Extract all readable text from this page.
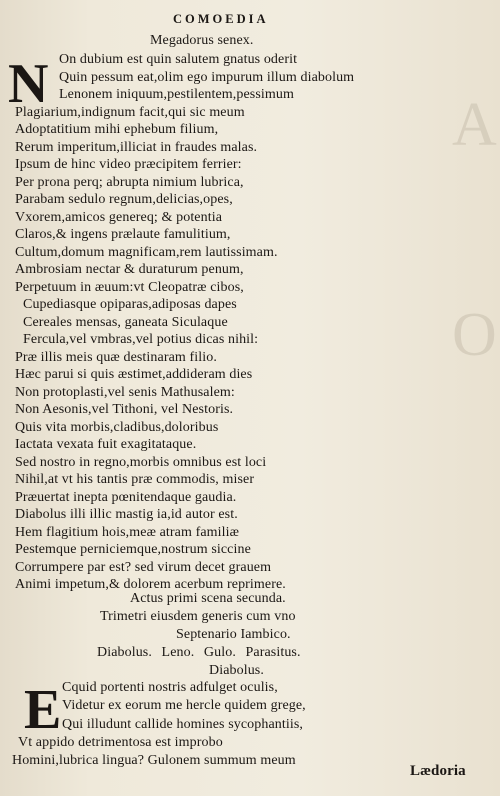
A
O
COMOEDIA
Megadorus senex.
N On dubium est quin salutem gnatus oderit
Quin pessum eat,olim ego impurum illum diabolum
Lenonem iniquum,pestilentem,pessimum
Plagiarium,indignum facit,qui sic meum
Adoptatitium mihi ephebum filium,
Rerum imperitum,illiciat in fraudes malas.
Ipsum de hinc video præcipitem ferrier:
Per prona perq; abrupta nimium lubrica,
Parabam sedulo regnum,delicias,opes,
Vxorem,amicos genereq; & potentia
Claros,& ingens prælaute famulitium,
Cultum,domum magnificam,rem lautissimam.
Ambrosiam nectar & duraturum penum,
Perpetuum in æuum:vt Cleopatræ cibos,
Cupediasque opiparas,adiposas dapes
Cereales mensas, ganeata Siculaque
Fercula,vel vmbras,vel potius dicas nihil:
Præ illis meis quæ destinaram filio.
Hæc parui si quis æstimet,addideram dies
Non protoplasti,vel senis Mathusalem:
Non Aesonis,vel Tithoni, vel Nestoris.
Quis vita morbis,cladibus,doloribus
Iactata vexata fuit exagitataque.
Sed nostro in regno,morbis omnibus est loci
Nihil,at vt his tantis præ commodis, miser
Præuertat inepta pœnitendaque gaudia.
Diabolus illi illic mastig ia,id autor est.
Hem flagitium hois,meæ atram familiæ
Pestemque perniciemque,nostrum siccine
Corrumpere par est? sed virum decet grauem
Animi impetum,& dolorem acerbum reprimere.
Actus primi scena secunda.
Trimetri eiusdem generis cum vno
Septenario Iambico.
Diabolus. Leno. Gulo. Parasitus.
Diabolus.
E Cquid portenti nostris adfulget oculis,
Videtur ex eorum me hercle quidem grege,
Qui illudunt callide homines sycophantiis,
Vt appido detrimentosa est improbo
Homini,lubrica lingua? Gulonem summum meum
Lædoria
